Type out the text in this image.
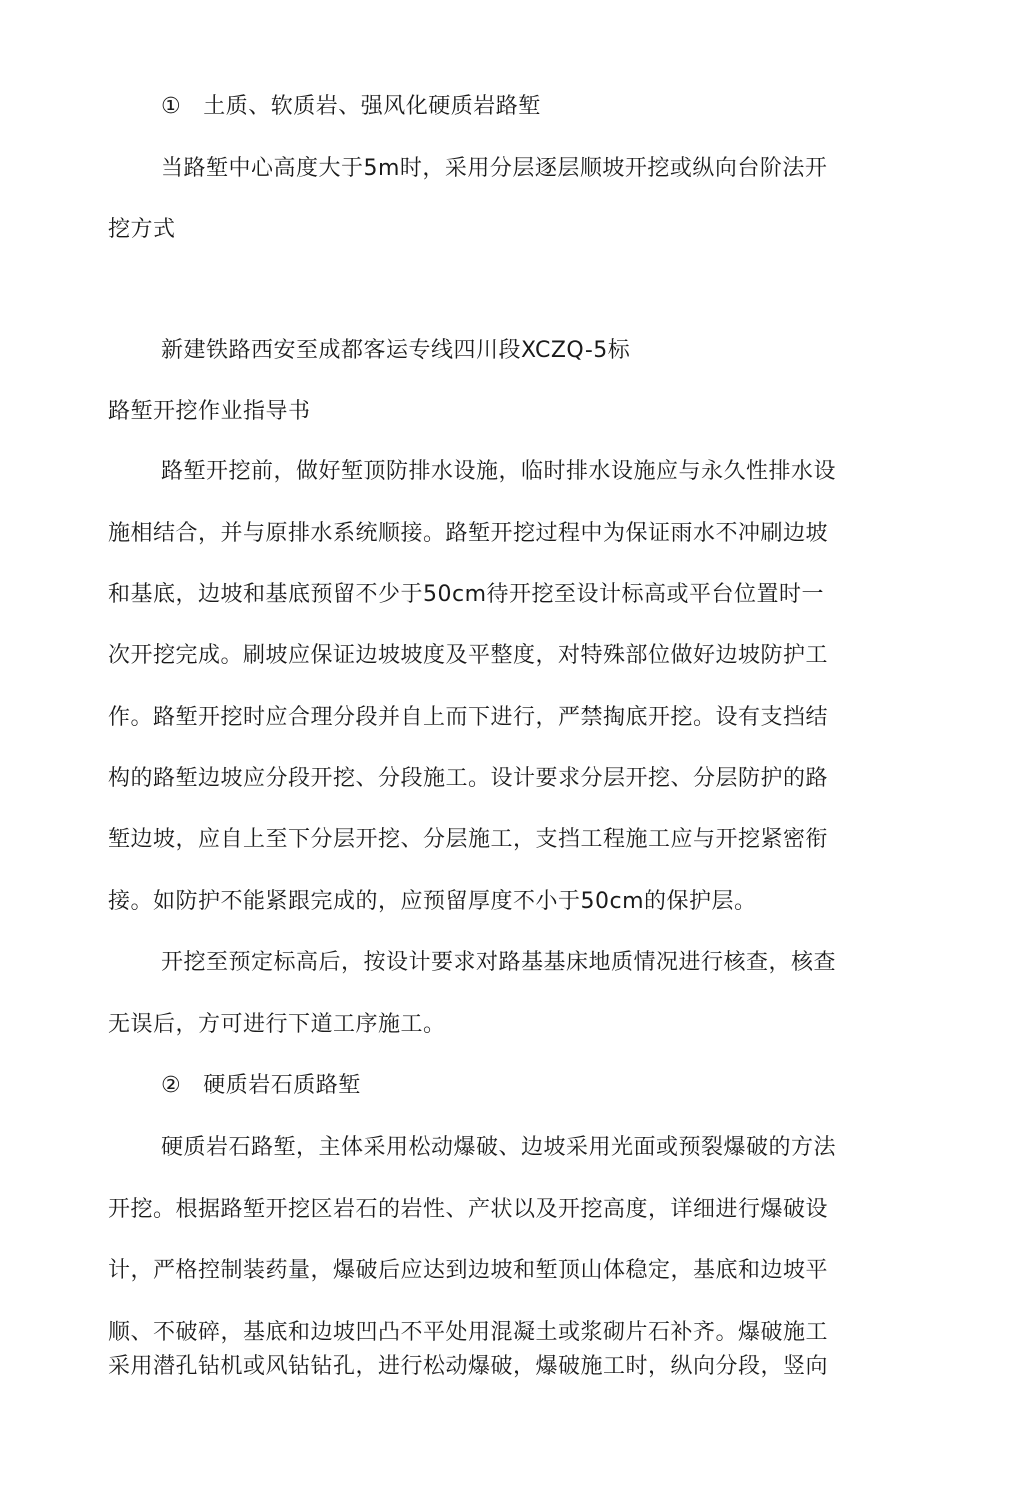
① 土质、软质岩、强风化硬质岩路堑
当路堑中心高度大于5m时，采用分层逐层顺坡开挖或纵向台阶法开
挖方式
新建铁路西安至成都客运专线四川段XCZQ-5标
路堑开挖作业指导书
路堑开挖前，做好堑顶防排水设施，临时排水设施应与永久性排水设
施相结合，并与原排水系统顺接。路堑开挖过程中为保证雨水不冲刷边坡
和基底，边坡和基底预留不少于50cm待开挖至设计标高或平台位置时一
次开挖完成。刷坡应保证边坡坡度及平整度，对特殊部位做好边坡防护工
作。路堑开挖时应合理分段并自上而下进行，严禁掏底开挖。设有支挡结
构的路堑边坡应分段开挖、分段施工。设计要求分层开挖、分层防护的路
堑边坡，应自上至下分层开挖、分层施工，支挡工程施工应与开挖紧密衔
接。如防护不能紧跟完成的，应预留厚度不小于50cm的保护层。
开挖至预定标高后，按设计要求对路基基床地质情况进行核查，核查
无误后，方可进行下道工序施工。
② 硬质岩石质路堑
硬质岩石路堑，主体采用松动爆破、边坡采用光面或预裂爆破的方法
开挖。根据路堑开挖区岩石的岩性、产状以及开挖高度，详细进行爆破设
计，严格控制装药量，爆破后应达到边坡和堑顶山体稳定，基底和边坡平
顺、不破碎，基底和边坡凹凸不平处用混凝土或浆砌片石补齐。爆破施工
采用潜孔钻机或风钻钻孔，进行松动爆破，爆破施工时，纵向分段，竖向
